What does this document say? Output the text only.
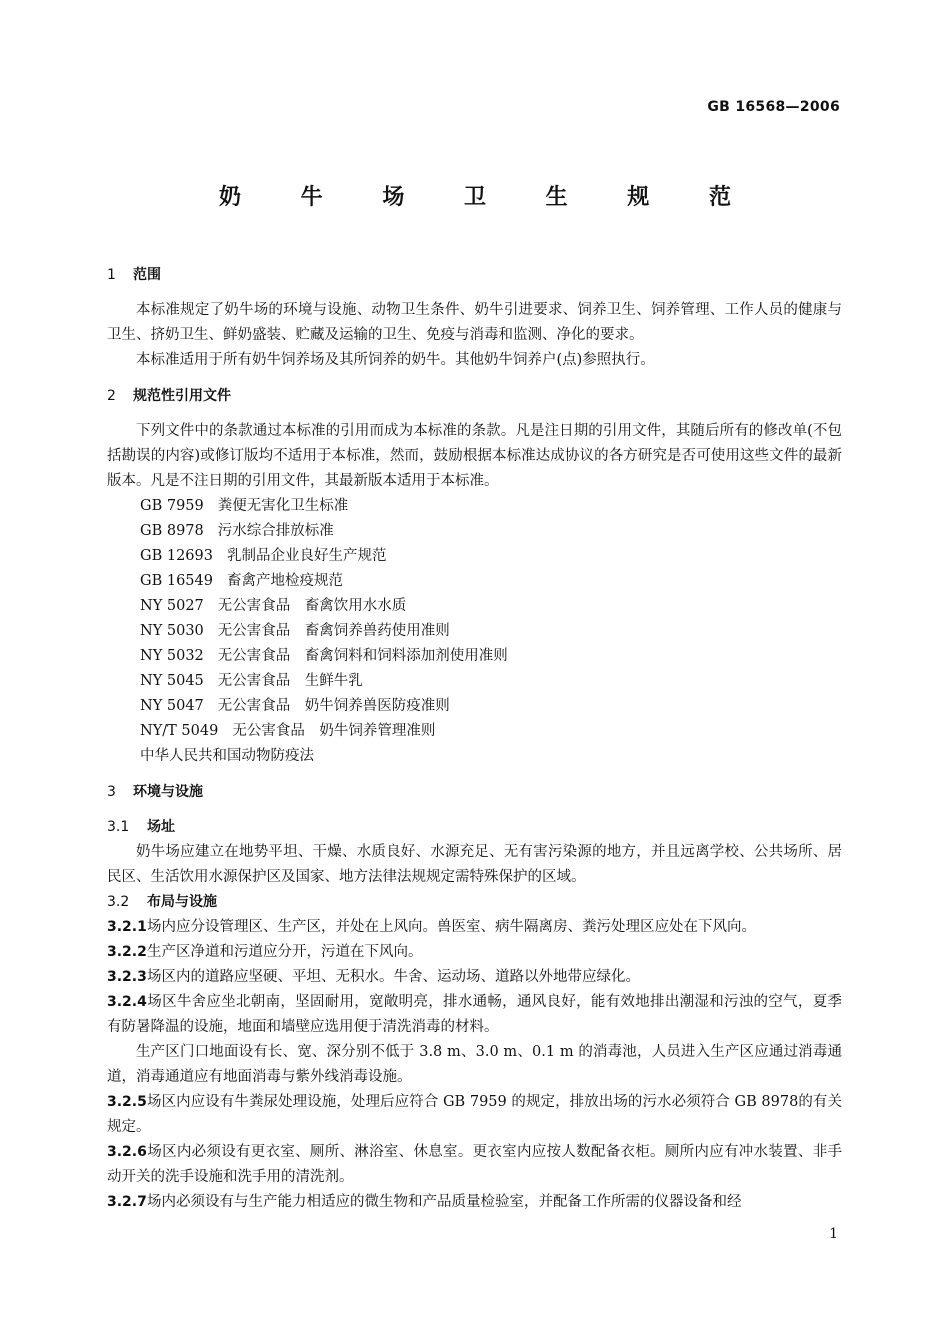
GB 16568—2006
奶 牛 场 卫 生 规 范
1 范围
本标准规定了奶牛场的环境与设施、动物卫生条件、奶牛引进要求、饲养卫生、饲养管理、工作人员的健康与卫生、挤奶卫生、鲜奶盛装、贮藏及运输的卫生、免疫与消毒和监测、净化的要求。
本标准适用于所有奶牛饲养场及其所饲养的奶牛。其他奶牛饲养户(点)参照执行。
2 规范性引用文件
下列文件中的条款通过本标准的引用而成为本标准的条款。凡是注日期的引用文件，其随后所有的修改单(不包括勘误的内容)或修订版均不适用于本标准，然而，鼓励根据本标准达成协议的各方研究是否可使用这些文件的最新版本。凡是不注日期的引用文件，其最新版本适用于本标准。
GB 7959 粪便无害化卫生标准
GB 8978 污水综合排放标准
GB 12693 乳制品企业良好生产规范
GB 16549 畜禽产地检疫规范
NY 5027 无公害食品　畜禽饮用水水质
NY 5030 无公害食品　畜禽饲养兽药使用准则
NY 5032 无公害食品　畜禽饲料和饲料添加剂使用准则
NY 5045 无公害食品　生鲜牛乳
NY 5047 无公害食品　奶牛饲养兽医防疫准则
NY/T 5049 无公害食品　奶牛饲养管理准则
中华人民共和国动物防疫法
3 环境与设施
3.1 场址
奶牛场应建立在地势平坦、干燥、水质良好、水源充足、无有害污染源的地方，并且远离学校、公共场所、居民区、生活饮用水源保护区及国家、地方法律法规规定需特殊保护的区域。
3.2 布局与设施
3.2.1场内应分设管理区、生产区，并处在上风向。兽医室、病牛隔离房、粪污处理区应处在下风向。
3.2.2生产区净道和污道应分开，污道在下风向。
3.2.3场区内的道路应坚硬、平坦、无积水。牛舍、运动场、道路以外地带应绿化。
3.2.4场区牛舍应坐北朝南，坚固耐用，宽敞明亮，排水通畅，通风良好，能有效地排出潮湿和污浊的空气，夏季有防暑降温的设施，地面和墙壁应选用便于清洗消毒的材料。
生产区门口地面设有长、宽、深分别不低于 3.8 m、3.0 m、0.1 m 的消毒池，人员进入生产区应通过消毒通道，消毒通道应有地面消毒与紫外线消毒设施。
3.2.5场区内应设有牛粪尿处理设施，处理后应符合 GB 7959 的规定，排放出场的污水必须符合 GB 8978的有关规定。
3.2.6场区内必须设有更衣室、厕所、淋浴室、休息室。更衣室内应按人数配备衣柜。厕所内应有冲水装置、非手动开关的洗手设施和洗手用的清洗剂。
3.2.7场内必须设有与生产能力相适应的微生物和产品质量检验室，并配备工作所需的仪器设备和经
1
